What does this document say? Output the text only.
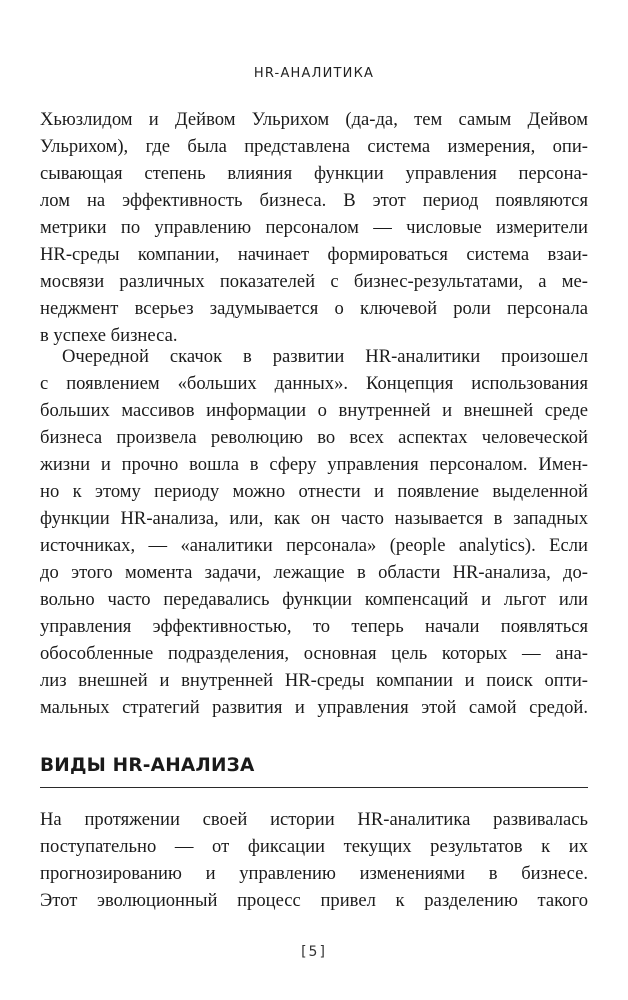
HR-АНАЛИТИКА
Хьюзлидом и Дейвом Ульрихом (да-да, тем самым Дейвом
Ульрихом), где была представлена система измерения, опи-
сывающая степень влияния функции управления персона-
лом на эффективность бизнеса. В этот период появляются
метрики по управлению персоналом — числовые измерители
HR-среды компании, начинает формироваться система взаи-
мосвязи различных показателей с бизнес-результатами, а ме-
неджмент всерьез задумывается о ключевой роли персонала
в успехе бизнеса.
Очередной скачок в развитии HR-аналитики произошел
с появлением «больших данных». Концепция использования
больших массивов информации о внутренней и внешней среде
бизнеса произвела революцию во всех аспектах человеческой
жизни и прочно вошла в сферу управления персоналом. Имен-
но к этому периоду можно отнести и появление выделенной
функции HR-анализа, или, как он часто называется в западных
источниках, — «аналитики персонала» (people analytics). Если
до этого момента задачи, лежащие в области HR-анализа, до-
вольно часто передавались функции компенсаций и льгот или
управления эффективностью, то теперь начали появляться
обособленные подразделения, основная цель которых — ана-
лиз внешней и внутренней HR-среды компании и поиск опти-
мальных стратегий развития и управления этой самой средой.
ВИДЫ HR-АНАЛИЗА
На протяжении своей истории HR-аналитика развивалась
поступательно — от фиксации текущих результатов к их
прогнозированию и управлению изменениями в бизнесе.
Этот эволюционный процесс привел к разделению такого
[5]
